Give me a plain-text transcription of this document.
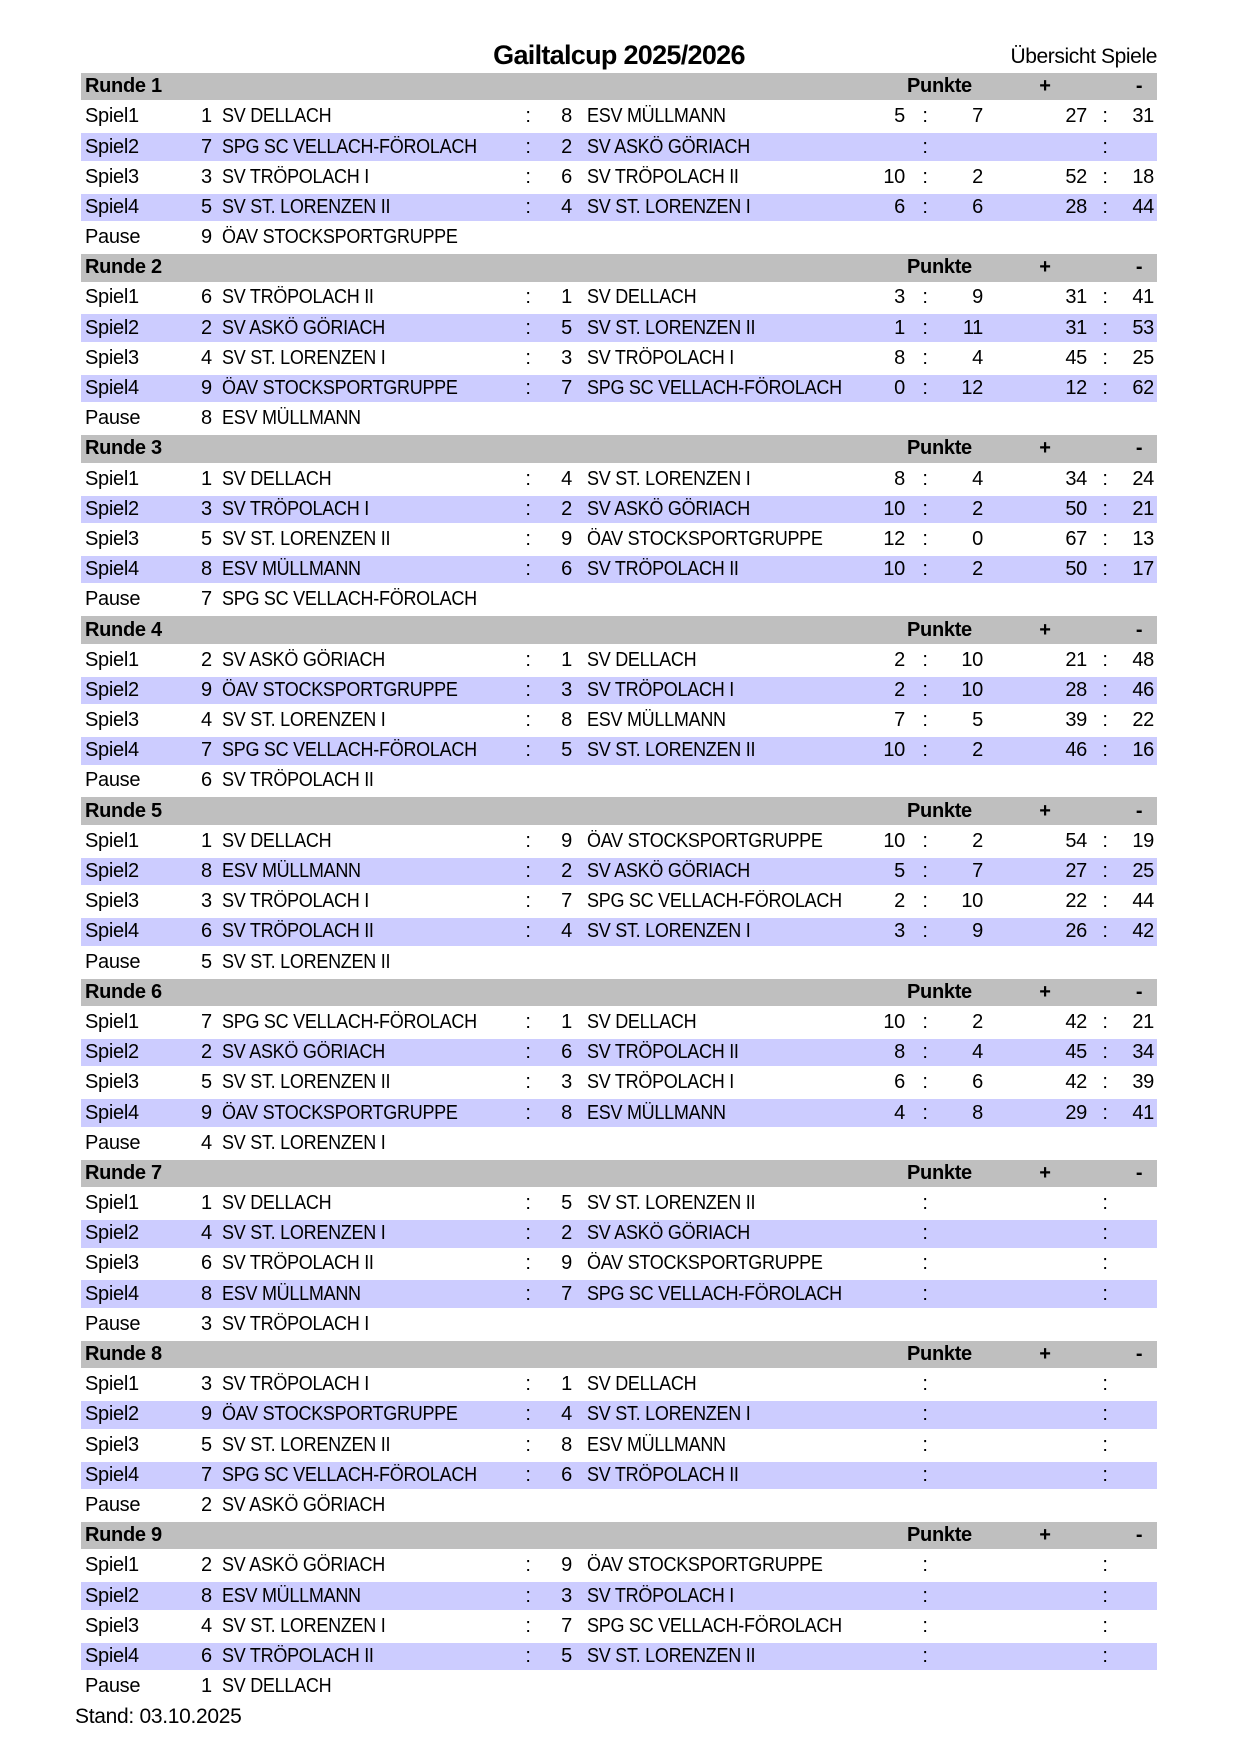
Gailtalcup 2025/2026	Übersicht Spiele
Runde 1	Punkte	+	-
Spiel1	1 SV DELLACH	:	8 ESV MÜLLMANN	5 :	7	27 :	31
Spiel2	7 SPG SC VELLACH-FÖROLACH	:	2 SV ASKÖ GÖRIACH	:	:
Spiel3	3 SV TRÖPOLACH I	:	6 SV TRÖPOLACH II	10 :	2	52 :	18
Spiel4	5 SV ST. LORENZEN II	:	4 SV ST. LORENZEN I	6 :	6	28 :	44
Pause	9 ÖAV STOCKSPORTGRUPPE
Runde 2	Punkte	+	-
Spiel1	6 SV TRÖPOLACH II	:	1 SV DELLACH	3 :	9	31 :	41
Spiel2	2 SV ASKÖ GÖRIACH	:	5 SV ST. LORENZEN II	1 :	11	31 :	53
Spiel3	4 SV ST. LORENZEN I	:	3 SV TRÖPOLACH I	8 :	4	45 :	25
Spiel4	9 ÖAV STOCKSPORTGRUPPE	:	7 SPG SC VELLACH-FÖROLACH	0 :	12	12 :	62
Pause	8 ESV MÜLLMANN
Runde 3	Punkte	+	-
Spiel1	1 SV DELLACH	:	4 SV ST. LORENZEN I	8 :	4	34 :	24
Spiel2	3 SV TRÖPOLACH I	:	2 SV ASKÖ GÖRIACH	10 :	2	50 :	21
Spiel3	5 SV ST. LORENZEN II	:	9 ÖAV STOCKSPORTGRUPPE	12 :	0	67 :	13
Spiel4	8 ESV MÜLLMANN	:	6 SV TRÖPOLACH II	10 :	2	50 :	17
Pause	7 SPG SC VELLACH-FÖROLACH
Runde 4	Punkte	+	-
Spiel1	2 SV ASKÖ GÖRIACH	:	1 SV DELLACH	2 :	10	21 :	48
Spiel2	9 ÖAV STOCKSPORTGRUPPE	:	3 SV TRÖPOLACH I	2 :	10	28 :	46
Spiel3	4 SV ST. LORENZEN I	:	8 ESV MÜLLMANN	7 :	5	39 :	22
Spiel4	7 SPG SC VELLACH-FÖROLACH	:	5 SV ST. LORENZEN II	10 :	2	46 :	16
Pause	6 SV TRÖPOLACH II
Runde 5	Punkte	+	-
Spiel1	1 SV DELLACH	:	9 ÖAV STOCKSPORTGRUPPE	10 :	2	54 :	19
Spiel2	8 ESV MÜLLMANN	:	2 SV ASKÖ GÖRIACH	5 :	7	27 :	25
Spiel3	3 SV TRÖPOLACH I	:	7 SPG SC VELLACH-FÖROLACH	2 :	10	22 :	44
Spiel4	6 SV TRÖPOLACH II	:	4 SV ST. LORENZEN I	3 :	9	26 :	42
Pause	5 SV ST. LORENZEN II
Runde 6	Punkte	+	-
Spiel1	7 SPG SC VELLACH-FÖROLACH	:	1 SV DELLACH	10 :	2	42 :	21
Spiel2	2 SV ASKÖ GÖRIACH	:	6 SV TRÖPOLACH II	8 :	4	45 :	34
Spiel3	5 SV ST. LORENZEN II	:	3 SV TRÖPOLACH I	6 :	6	42 :	39
Spiel4	9 ÖAV STOCKSPORTGRUPPE	:	8 ESV MÜLLMANN	4 :	8	29 :	41
Pause	4 SV ST. LORENZEN I
Runde 7	Punkte	+	-
Spiel1	1 SV DELLACH	:	5 SV ST. LORENZEN II	:	:
Spiel2	4 SV ST. LORENZEN I	:	2 SV ASKÖ GÖRIACH	:	:
Spiel3	6 SV TRÖPOLACH II	:	9 ÖAV STOCKSPORTGRUPPE	:	:
Spiel4	8 ESV MÜLLMANN	:	7 SPG SC VELLACH-FÖROLACH	:	:
Pause	3 SV TRÖPOLACH I
Runde 8	Punkte	+	-
Spiel1	3 SV TRÖPOLACH I	:	1 SV DELLACH	:	:
Spiel2	9 ÖAV STOCKSPORTGRUPPE	:	4 SV ST. LORENZEN I	:	:
Spiel3	5 SV ST. LORENZEN II	:	8 ESV MÜLLMANN	:	:
Spiel4	7 SPG SC VELLACH-FÖROLACH	:	6 SV TRÖPOLACH II	:	:
Pause	2 SV ASKÖ GÖRIACH
Runde 9	Punkte	+	-
Spiel1	2 SV ASKÖ GÖRIACH	:	9 ÖAV STOCKSPORTGRUPPE	:	:
Spiel2	8 ESV MÜLLMANN	:	3 SV TRÖPOLACH I	:	:
Spiel3	4 SV ST. LORENZEN I	:	7 SPG SC VELLACH-FÖROLACH	:	:
Spiel4	6 SV TRÖPOLACH II	:	5 SV ST. LORENZEN II	:	:
Pause	1 SV DELLACH
Stand: 03.10.2025
